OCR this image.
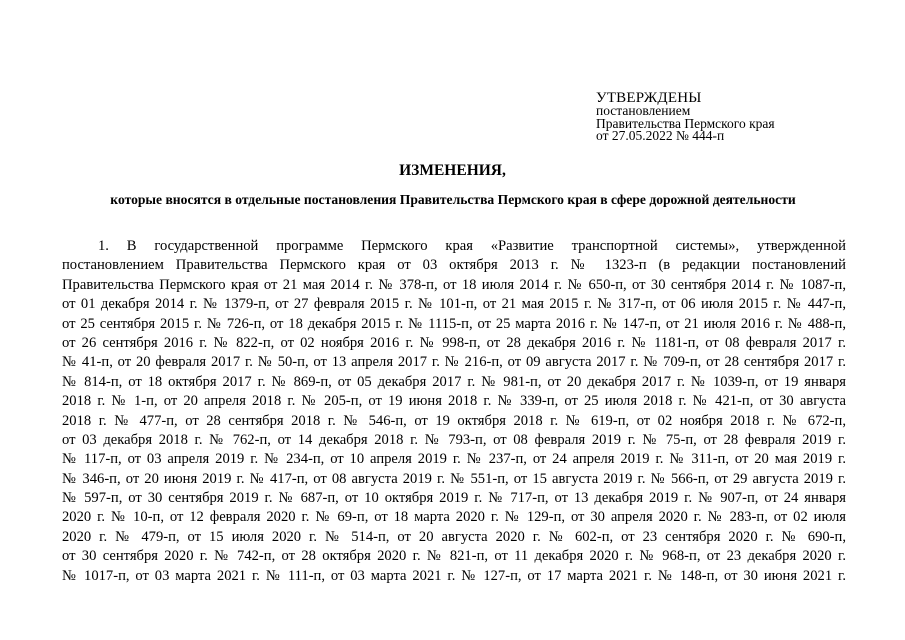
УТВЕРЖДЕНЫ
постановлением
Правительства Пермского края
от 27.05.2022 № 444-п
ИЗМЕНЕНИЯ,
которые вносятся в отдельные постановления Правительства Пермского края в сфере дорожной деятельности
1. В государственной программе Пермского края «Развитие транспортной системы», утвержденной
постановлением Правительства Пермского края от 03 октября 2013 г. № 1323-п (в редакции постановлений
Правительства Пермского края от 21 мая 2014 г. № 378-п, от 18 июля 2014 г. № 650-п, от 30 сентября 2014 г. № 1087-п,
от 01 декабря 2014 г. № 1379-п, от 27 февраля 2015 г. № 101-п, от 21 мая 2015 г. № 317-п, от 06 июля 2015 г. № 447-п,
от 25 сентября 2015 г. № 726-п, от 18 декабря 2015 г. № 1115-п, от 25 марта 2016 г. № 147-п, от 21 июля 2016 г. № 488-п,
от 26 сентября 2016 г. № 822-п, от 02 ноября 2016 г. № 998-п, от 28 декабря 2016 г. № 1181-п, от 08 февраля 2017 г.
№ 41-п, от 20 февраля 2017 г. № 50-п, от 13 апреля 2017 г. № 216-п, от 09 августа 2017 г. № 709-п, от 28 сентября 2017 г.
№ 814-п, от 18 октября 2017 г. № 869-п, от 05 декабря 2017 г. № 981-п, от 20 декабря 2017 г. № 1039-п, от 19 января
2018 г. № 1-п, от 20 апреля 2018 г. № 205-п, от 19 июня 2018 г. № 339-п, от 25 июля 2018 г. № 421-п, от 30 августа
2018 г. № 477-п, от 28 сентября 2018 г. № 546-п, от 19 октября 2018 г. № 619-п, от 02 ноября 2018 г. № 672-п,
от 03 декабря 2018 г. № 762-п, от 14 декабря 2018 г. № 793-п, от 08 февраля 2019 г. № 75-п, от 28 февраля 2019 г.
№ 117-п, от 03 апреля 2019 г. № 234-п, от 10 апреля 2019 г. № 237-п, от 24 апреля 2019 г. № 311-п, от 20 мая 2019 г.
№ 346-п, от 20 июня 2019 г. № 417-п, от 08 августа 2019 г. № 551-п, от 15 августа 2019 г. № 566-п, от 29 августа 2019 г.
№ 597-п, от 30 сентября 2019 г. № 687-п, от 10 октября 2019 г. № 717-п, от 13 декабря 2019 г. № 907-п, от 24 января
2020 г. № 10-п, от 12 февраля 2020 г. № 69-п, от 18 марта 2020 г. № 129-п, от 30 апреля 2020 г. № 283-п, от 02 июля
2020 г. № 479-п, от 15 июля 2020 г. № 514-п, от 20 августа 2020 г. № 602-п, от 23 сентября 2020 г. № 690-п,
от 30 сентября 2020 г. № 742-п, от 28 октября 2020 г. № 821-п, от 11 декабря 2020 г. № 968-п, от 23 декабря 2020 г.
№ 1017-п, от 03 марта 2021 г. № 111-п, от 03 марта 2021 г. № 127-п, от 17 марта 2021 г. № 148-п, от 30 июня 2021 г.
